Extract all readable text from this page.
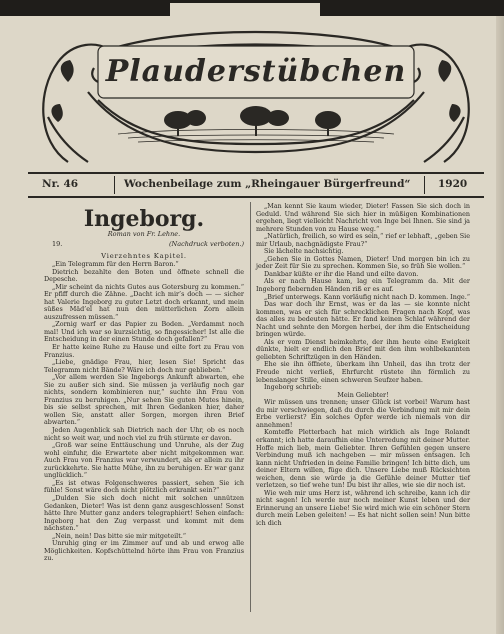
Plauderstübchen
Nr. 46	Wochenbeilage zum „Rheingauer Bürgerfreund“	1920
Ingeborg.
Roman von Fr. Lehne.
19.	(Nachdruck verboten.)
Vierzehntes Kapitel.

„Ein Telegramm für den Herrn Baron.“

Dietrich bezahlte den Boten und öffnete schnell die Depesche.

„Mir scheint da nichts Gutes aus Gotersburg zu kommen.“ Er pfiff durch die Zähne. „Dacht ich mir’s doch — — sicher hat Valerie Ingeborg zu guter Letzt doch erkannt, und mein süßes Mäd’el hat nun den mütterlichen Zorn allein auszufressen müssen.“

„Zornig warf er das Papier zu Boden. „Verdammt noch mal! Und ich war so kurzsichtig, so fingessicher! Ist alle die Entscheidung in der einen Stunde doch gefallen?“

Er hatte keine Ruhe zu Hause und eilte fort zu Frau von Franzius.

„Liebe, gnädige Frau, hier, lesen Sie! Spricht das Telegramm nicht Bände? Wäre ich doch nur geblieben.“

„Vor allem werden Sie Ingeborgs Ankunft abwarten, ehe Sie zu außer sich sind. Sie müssen ja verläufig noch gar nichts, sondern kombinieren nur,“ suchte ihn Frau von Franzius zu beruhigen. „Nur sehen Sie guten Mutes hinein, bis sie selbst sprechen, mit Ihren Gedanken hier, daher wollen Sie, anstatt aller Sorgen, morgen ihren Brief abwarten.“

Jeden Augenblick sah Dietrich nach der Uhr, ob es noch nicht so weit war, und noch viel zu früh stürmte er davon.

„Groß war seine Enttäuschung und Unruhe, als der Zug wohl einfuhr, die Erwartete aber nicht mitgekommen war. Auch Frau von Franzius war verwundert, als er allein zu ihr zurückkehrte. Sie hatte Mühe, ihn zu beruhigen. Er war ganz unglücklich.“

„Es ist etwas Folgenschweres passiert, sehen Sie ich fühle! Sonst wäre doch nicht plötzlich erkrankt sein?“

„Dulden Sie sich doch nicht mit solchen unnützen Gedanken, Dieter! Was ist denn ganz ausgeschlossen! Sonst hätte Ihre Mutter ganz anders telegraphiert! Sehen einfach: Ingeborg hat den Zug verpasst und kommt mit dem nächsten.“

„Nein, nein! Das bitte sie mir mitgeteilt.“

Unruhig ging er im Zimmer auf und ab und erwog alle Möglichkeiten. Kopfschüttelnd hörte ihm Frau von Franzius zu.

„Man kennt Sie kaum wieder, Dieter! Fassen Sie sich doch in Geduld. Und während Sie sich hier in müßigen Kombinationen ergehen, liegt vielleicht Nachricht von Inge bei Ihnen. Sie sind ja mehrere Stunden von zu Hause weg.“

„Natürlich, freilich, so wird es sein,“ rief er lebhaft, „geben Sie mir Urlaub, nachgnädigste Frau?“

Sie lächelte nachsichtig.

„Gehen Sie in Gottes Namen, Dieter! Und morgen bin ich zu jeder Zeit für Sie zu sprechen. Kommen Sie, so früh Sie wollen.“

Dankbar küßte er ihr die Hand und eilte davon.

Als er nach Hause kam, lag ein Telegramm da. Mit der Ingeborg fiebernden Händen riß er es auf.

„Brief unterwegs. Kann vorläufig nicht nach D. kommen. Inge.“

Das war doch ihr Ernst, was er da las — sie konnte nicht kommen, was er sich für schrecklichen Fragen nach Kopf, was das alles zu bedeuten hätte. Er fand keinen Schlaf während der Nacht und sehnte den Morgen herbei, der ihm die Entscheidung bringen würde.

Als er vom Dienst heimkehrte, der ihm heute eine Ewigkeit dünkte, hielt er endlich den Brief mit den ihm wohlbekannten geliebten Schriftzügen in den Händen.

Ehe sie ihn öffnete, überkam ihn Unheil, das ihn trotz der Freude nicht verließ, Ehrfurcht rüstete ihn förmlich zu lebenslanger Stille, einen schweren Seufzer haben.

Ingeborg schrieb:

Mein Geliebter!

Wir müssen uns trennen; unser Glück ist vorbei! Warum hast du mir verschwiegen, daß du durch die Verbindung mit mir dein Erbe verlierst? Ein solches Opfer werde ich niemals von dir annehmen!

Komteffe Pletterbach hat mich wirklich als Inge Rolandt erkannt; ich hatte daraufhin eine Unterredung mit deiner Mutter. Hoffe mich lieb, mein Geliebter. Ihren Gefühlen gegen unsere Verbindung muß ich nachgeben — mir müssen entsagen. Ich kann nicht Unfrieden in deine Familie bringen! Ich bitte dich, um deiner Eltern willen, füge dich. Unsere Liebe muß Rücksichten weichen, denn sie würde ja die Gefühle deiner Mutter tief verletzen, so tief wehe tun! Du bist ihr alles, wie sie dir noch ist.

Wie weh mir ums Herz ist, während ich schreibe, kann ich dir nicht sagen! Ich werde nur noch meiner Kunst leben und der Erinnerung an unsere Liebe! Sie wird mich wie ein schöner Stern durch mein Leben geleiten! — Es hat nicht sollen sein! Nun bitte ich dich
